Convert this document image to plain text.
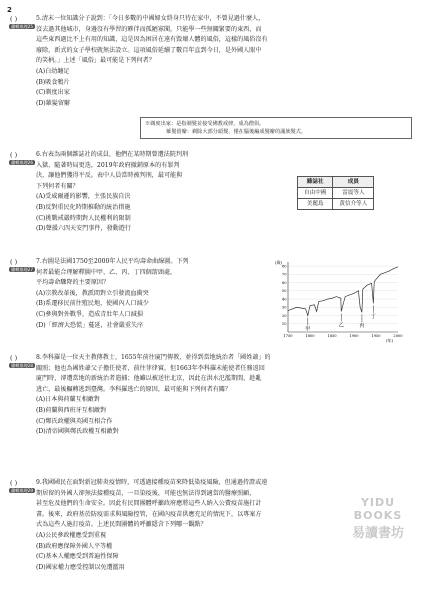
2
( )
邏輯推理25
5.清末一位知識分子說到：「今日多數的中國婦女終身只待在家中，不曾見過什麼人，
沒去過其他城市，身邊沒有學習的夥伴而孤陋寡聞，只能學一些無關緊要的東西，而
這些東西過比不上有用的知識，這是因為困居在遠有毀壞人體的風俗，這樣的風俗沒有
廢除，新式的女子學校就無法設立。這項風俗延續了數百年直到今日，是外國人眼中
的笑柄。」上述「風俗」最可能是下列何者？
(A)白幼纏足
(B)吸食鴉片
(C)剃度出家
(D)薙髮留辮
※剃度出家：是指剃髮並接受佛教戒律，成為僧侶。
薙髮留辮：剃除大部分頭髮，僅在腦後編成髮辮的滿族髮式。
( )
邏輯推理26
6.右表為兩個雜誌社的成員，他們在某時期曾遭法院判刑
入獄，隨著時局更迭，2019年政府撤銷原本的有罪判
決，讓他們獲得平反。表中人員當時被判刑，最可能與
下列何者有關？
(A)受威爾遜的影響，主張民族自決
(B)反對重民化時期推動的統治措施
(C)挑戰戒嚴時期對人民權利的限制
(D)聲援六四天安門事件，發動遊行
雜誌社	成員
自由中國	雷震等人
美麗島	黃信介等人
( )
邏輯推理27
7.右圖是法國1750至2000年人民平均壽命曲線圖。下列
何者最能合理解釋圖中甲、乙、丙、丁四個箭頭處，
平均壽命驟降的主要原因？
(A)宗教改革後，教派間對立引發流血衝突
(B)系遷移民前往殖民地，使國內人口減少
(C)參與對外戰爭，造成青壯年人口減損
(D)「經濟大恐慌」蔓延，社會嚴重失序
80
70
60
50
40
30
20
10
1750	1800	1850	1900	1950	2000
(歲)
(年)
甲
乙	丙
丁
( )
邏輯推理28
8.李科羅是一位天主教傳教士，1655年前往廈門傳教，並得到當地統治者「國姓爺」的
關照；他也為國姓爺父子擔任使者，前往菲律賓，但1663年李科羅未能使者任務返回
廈門時，卻遭當地的新統治者遣捕；他雖以被送往北京，因此在洪水氾濫期間，趁亂
逃亡，最後輾轉逃到臺灣。李科羅逃亡的原因，最可能與下列何者有關？
(A)日本與荷蘭互相敵對
(B)荷蘭與西班牙互相敵對
(C)鄭氏政權與英國互相合作
(D)清帝國與鄭氏政權互相敵對
( )
邏輯推理29
9.我國國民在面對新冠肺炎疫情時，可透過接種疫苗來降低染疫風險，但通過持證或遠
期居留的外國人卻無法接種疫苗，一旦染疫後，可能也無法得到適當的醫療照顧，
甚至危及他們的生命安全。因此有民間團體呼籲政府應將這些人納入公費疫苗施打計
畫。後來，政府基於防疫需求與風險控管，在國內疫苗供應充足的情況下，以專案方
式為這些人施打疫苗。上述民間團體的呼籲隱含下列哪一觀點？
(A)公民參政權應受到重視
(B)政府應保障外國人平等權
(C)基本人權應受到普遍性保障
(D)國家權力應受控制以免遭濫用
YIDU
BOOKS
易讀書坊
